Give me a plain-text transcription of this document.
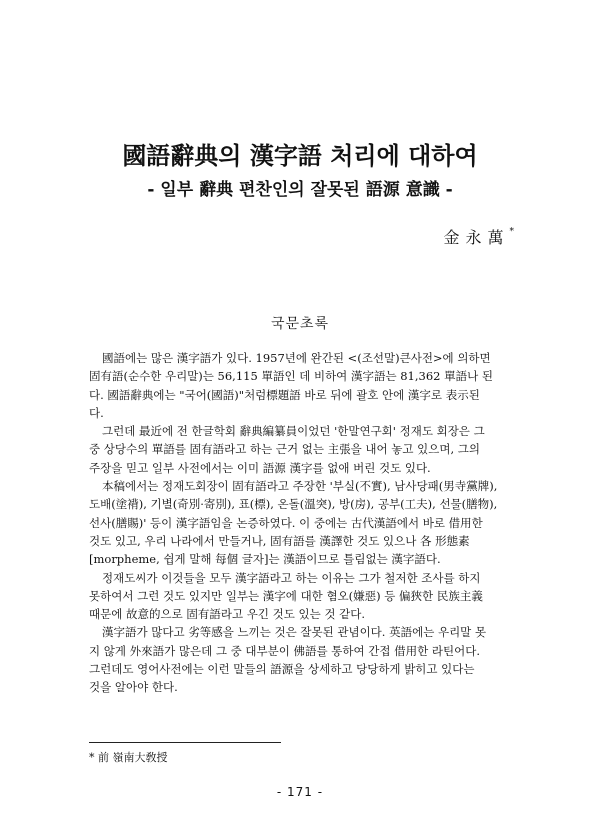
國語辭典의 漢字語 처리에 대하여
- 일부 辭典 편찬인의 잘못된 語源 意識 -
金永萬*
국문초록
國語에는 많은 漢字語가 있다. 1957년에 완간된 <(조선말)큰사전>에 의하면
固有語(순수한 우리말)는 56,115 單語인 데 비하여 漢字語는 81,362 單語나 된
다. 國語辭典에는 "국어(國語)"처럼標題語 바로 뒤에 괄호 안에 漢字로 表示된
다.
그런데 最近에 전 한글학회 辭典編纂員이었던 '한말연구회' 정재도 회장은 그
중 상당수의 單語를 固有語라고 하는 근거 없는 主張을 내어 놓고 있으며, 그의
주장을 믿고 일부 사전에서는 이미 語源 漢字를 없애 버린 것도 있다.
本稿에서는 정재도회장이 固有語라고 주장한 '부실(不實), 남사당패(男寺黨牌),
도배(塗褙), 기별(奇別·寄別), 표(標), 온돌(溫突), 방(房), 공부(工夫), 선물(膳物),
선사(膳賜)' 등이 漢字語임을 논증하였다. 이 중에는 古代漢語에서 바로 借用한
것도 있고, 우리 나라에서 만들거나, 固有語를 漢譯한 것도 있으나 各 形態素
[morpheme, 쉽게 말해 每個 글자]는 漢語이므로 틀림없는 漢字語다.
정재도씨가 이것들을 모두 漢字語라고 하는 이유는 그가 철저한 조사를 하지
못하여서 그런 것도 있지만 일부는 漢字에 대한 혐오(嫌惡) 등 偏狹한 民族主義
때문에 故意的으로 固有語라고 우긴 것도 있는 것 같다.
漢字語가 많다고 劣等感을 느끼는 것은 잘못된 관념이다. 英語에는 우리말 못
지 않게 外來語가 많은데 그 중 대부분이 佛語를 통하여 간접 借用한 라틴어다.
그런데도 영어사전에는 이런 말들의 語源을 상세하고 당당하게 밝히고 있다는
것을 알아야 한다.
* 前 嶺南大敎授
- 171 -
